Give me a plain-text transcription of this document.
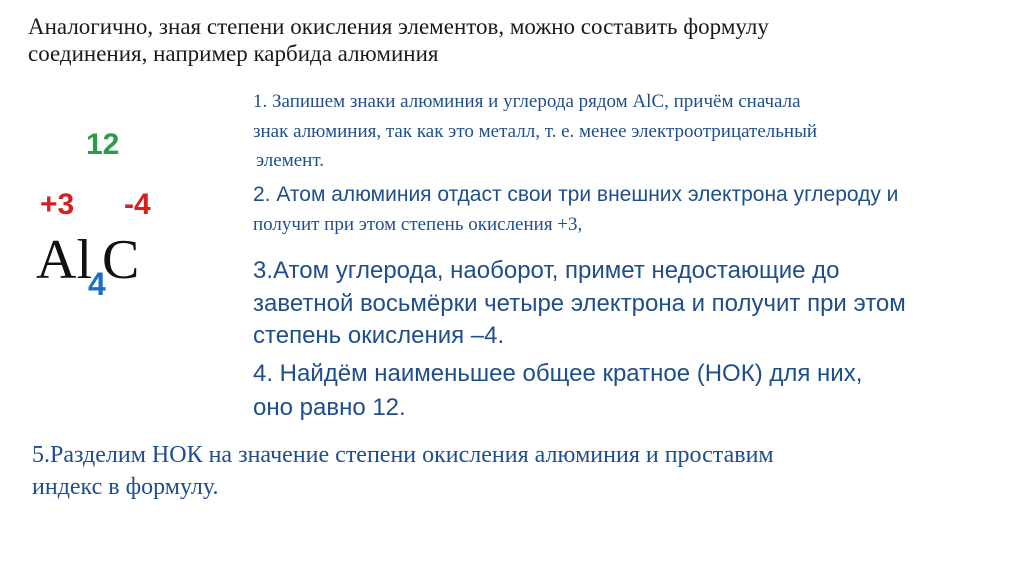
Аналогично, зная степени окисления элементов, можно составить формулу
соединения, например карбида алюминия
1. Запишем знаки алюминия и углерода рядом AlC, причём сначала
знак алюминия, так как это металл, т. е. менее электроотрицательный
элемент.
2. Атом алюминия отдаст свои три внешних электрона углероду и
получит при этом степень окисления +3,
3.Атом углерода, наоборот, примет недостающие до
заветной восьмёрки четыре электрона и получит при этом
степень окисления –4.
4. Найдём наименьшее общее кратное (НОК) для них,
оно равно 12.
5.Разделим НОК на значение степени окисления алюминия и проставим
индекс в формулу.
12
+3 -4
Al C
4
